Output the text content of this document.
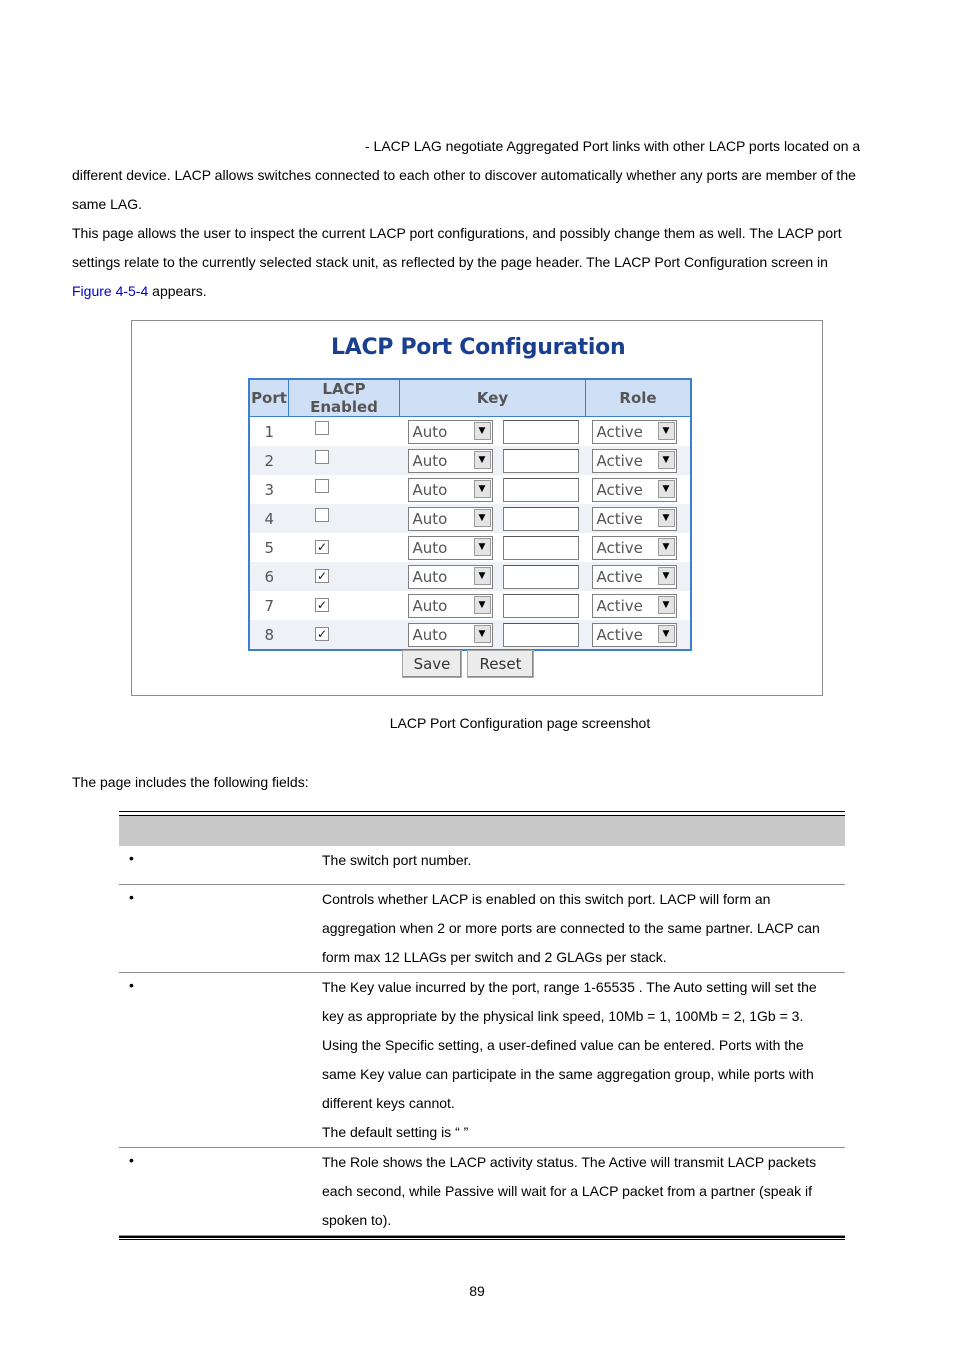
- LACP LAG negotiate Aggregated Port links with other LACP ports located on a

different device. LACP allows switches connected to each other to discover automatically whether any ports are member of the

same LAG.

This page allows the user to inspect the current LACP port configurations, and possibly change them as well. The LACP port

settings relate to the currently selected stack unit, as reflected by the page header. The LACP Port Configuration screen in

Figure 4-5-4 appears.

LACP Port Configuration
Port	LACP Enabled	Key	Role
1		Auto ▼	Active ▼

2		Auto ▼	Active ▼

3		Auto ▼	Active ▼

4		Auto ▼	Active ▼

5	✓	Auto ▼	Active ▼

6	✓	Auto ▼	Active ▼

7	✓	Auto ▼	Active ▼

8	✓	Auto ▼	Active ▼
Save	Reset
LACP Port Configuration page screenshot

The page includes the following fields:

•	The switch port number.
•	Controls whether LACP is enabled on this switch port. LACP will form an
aggregation when 2 or more ports are connected to the same partner. LACP can
form max 12 LLAGs per switch and 2 GLAGs per stack.
•	The Key value incurred by the port, range 1-65535 . The Auto setting will set the
key as appropriate by the physical link speed, 10Mb = 1, 100Mb = 2, 1Gb = 3.
Using the Specific setting, a user-defined value can be entered. Ports with the
same Key value can participate in the same aggregation group, while ports with
different keys cannot.
The default setting is “ ”
•	The Role shows the LACP activity status. The Active will transmit LACP packets
each second, while Passive will wait for a LACP packet from a partner (speak if
spoken to).
89
